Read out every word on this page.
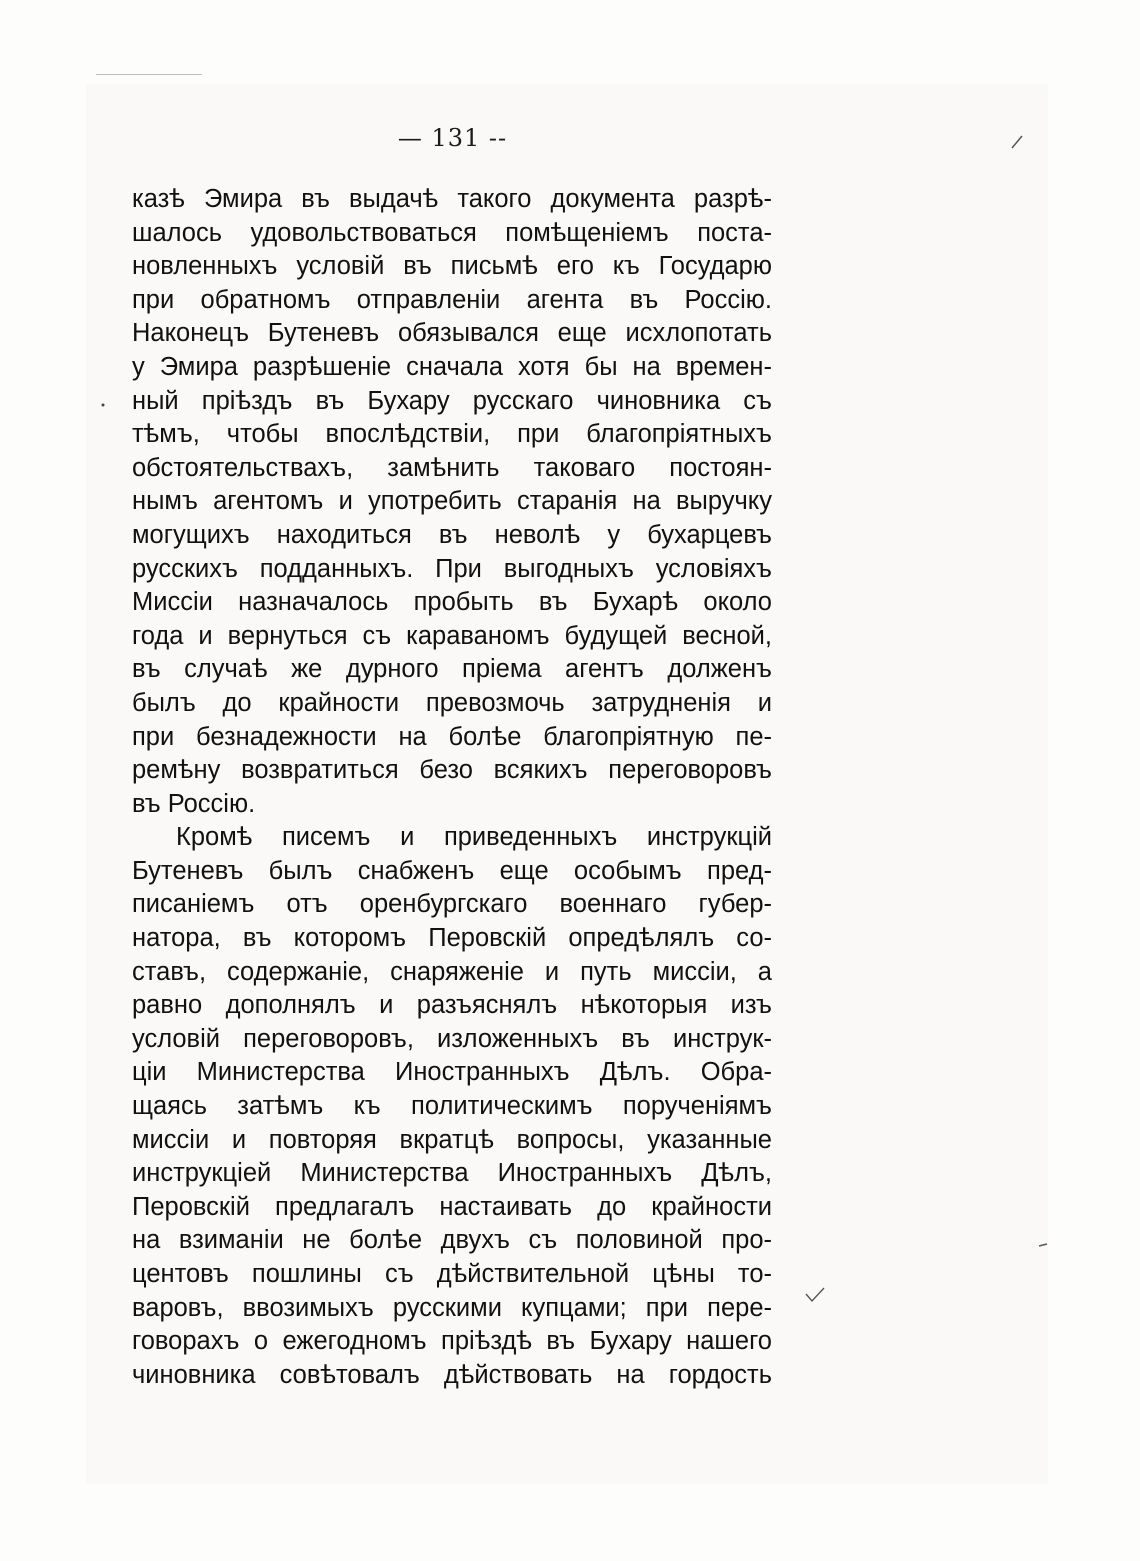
— 131 --
казѣ Эмира въ выдачѣ такого документа разрѣ-
шалось удовольствоваться помѣщеніемъ поста-
новленныхъ условій въ письмѣ его къ Государю
при обратномъ отправленіи агента въ Россію.
Наконецъ Бутеневъ обязывался еще исхлопотать
у Эмира разрѣшеніе сначала хотя бы на времен-
ный пріѣздъ въ Бухару русскаго чиновника съ
тѣмъ, чтобы впослѣдствіи, при благопріятныхъ
обстоятельствахъ, замѣнить таковаго постоян-
нымъ агентомъ и употребить старанія на выручку
могущихъ находиться въ неволѣ у бухарцевъ
русскихъ подданныхъ. При выгодныхъ условіяхъ
Миссіи назначалось пробыть въ Бухарѣ около
года и вернуться съ караваномъ будущей весной,
въ случаѣ же дурного пріема агентъ долженъ
былъ до крайности превозмочь затрудненія и
при безнадежности на болѣе благопріятную пе-
ремѣну возвратиться безо всякихъ переговоровъ
въ Россію.
Кромѣ писемъ и приведенныхъ инструкцій
Бутеневъ былъ снабженъ еще особымъ пред-
писаніемъ отъ оренбургскаго военнаго губер-
натора, въ которомъ Перовскій опредѣлялъ со-
ставъ, содержаніе, снаряженіе и путь миссіи, а
равно дополнялъ и разъяснялъ нѣкоторыя изъ
условій переговоровъ, изложенныхъ въ инструк-
ціи Министерства Иностранныхъ Дѣлъ. Обра-
щаясь затѣмъ къ политическимъ порученіямъ
миссіи и повторяя вкратцѣ вопросы, указанные
инструкціей Министерства Иностранныхъ Дѣлъ,
Перовскій предлагалъ настаивать до крайности
на взиманіи не болѣе двухъ съ половиной про-
центовъ пошлины съ дѣйствительной цѣны то-
варовъ, ввозимыхъ русскими купцами; при пере-
говорахъ о ежегодномъ пріѣздѣ въ Бухару нашего
чиновника совѣтовалъ дѣйствовать на гордость
